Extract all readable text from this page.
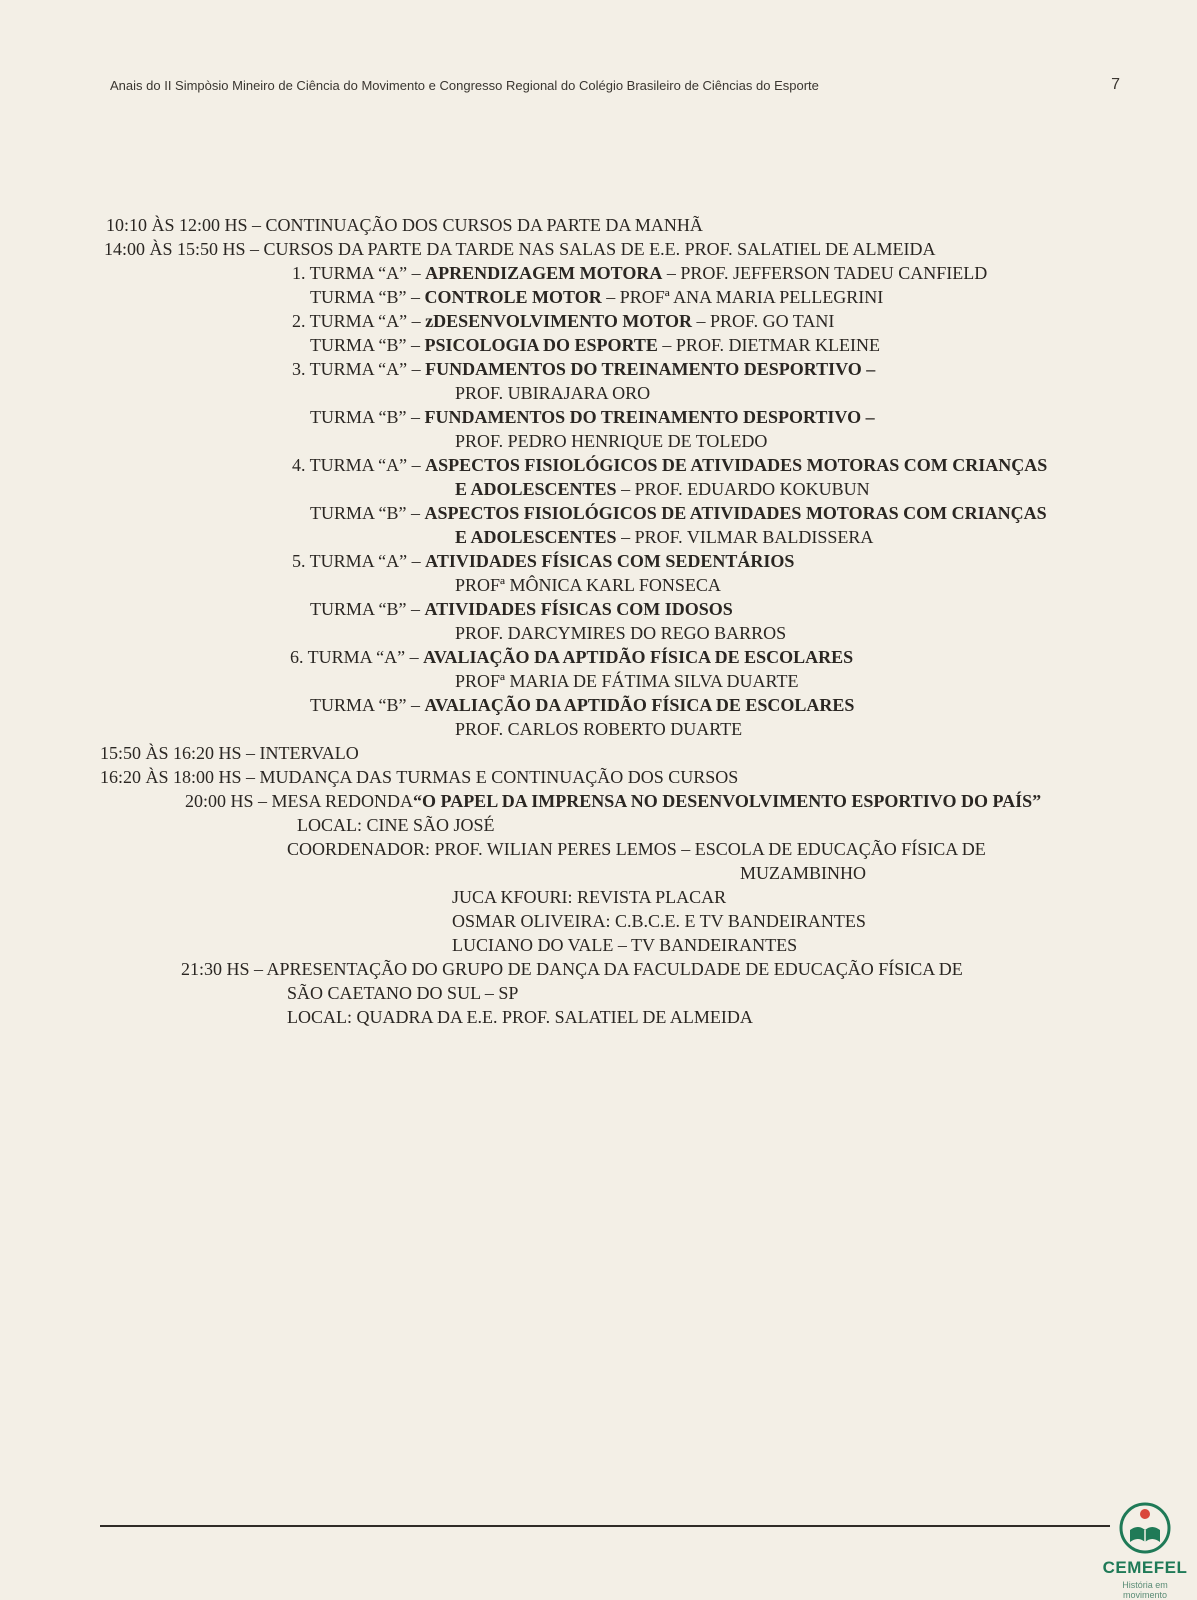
Anais do II Simpòsio Mineiro de Ciência do Movimento e Congresso Regional do Colégio Brasileiro de Ciências do Esporte	7
10:10 ÀS 12:00 HS – CONTINUAÇÃO DOS CURSOS DA PARTE DA MANHÃ
14:00 ÀS 15:50 HS – CURSOS DA PARTE DA TARDE NAS SALAS DE E.E. PROF. SALATIEL DE ALMEIDA
1. TURMA “A” – APRENDIZAGEM MOTORA – PROF. JEFFERSON TADEU CANFIELD
TURMA “B” – CONTROLE MOTOR – PROFª ANA MARIA PELLEGRINI
2. TURMA “A” – zDESENVOLVIMENTO MOTOR – PROF. GO TANI
TURMA “B” – PSICOLOGIA DO ESPORTE – PROF. DIETMAR KLEINE
3. TURMA “A” – FUNDAMENTOS DO TREINAMENTO DESPORTIVO –
PROF. UBIRAJARA ORO
TURMA “B” – FUNDAMENTOS DO TREINAMENTO DESPORTIVO –
PROF. PEDRO HENRIQUE DE TOLEDO
4. TURMA “A” – ASPECTOS FISIOLÓGICOS DE ATIVIDADES MOTORAS COM CRIANÇAS
E ADOLESCENTES – PROF. EDUARDO KOKUBUN
TURMA “B” – ASPECTOS FISIOLÓGICOS DE ATIVIDADES MOTORAS COM CRIANÇAS
E ADOLESCENTES – PROF. VILMAR BALDISSERA
5. TURMA “A” – ATIVIDADES FÍSICAS COM SEDENTÁRIOS
PROFª MÔNICA KARL FONSECA
TURMA “B” – ATIVIDADES FÍSICAS COM IDOSOS
PROF. DARCYMIRES DO REGO BARROS
6. TURMA “A” – AVALIAÇÃO DA APTIDÃO FÍSICA DE ESCOLARES
PROFª MARIA DE FÁTIMA SILVA DUARTE
TURMA “B” – AVALIAÇÃO DA APTIDÃO FÍSICA DE ESCOLARES
PROF. CARLOS ROBERTO DUARTE
15:50 ÀS 16:20 HS – INTERVALO
16:20 ÀS 18:00 HS – MUDANÇA DAS TURMAS E CONTINUAÇÃO DOS CURSOS
20:00 HS – MESA REDONDA“O PAPEL DA IMPRENSA NO DESENVOLVIMENTO ESPORTIVO DO PAÍS”
LOCAL: CINE SÃO JOSÉ
COORDENADOR: PROF. WILIAN PERES LEMOS – ESCOLA DE EDUCAÇÃO FÍSICA DE
MUZAMBINHO
JUCA KFOURI: REVISTA PLACAR
OSMAR OLIVEIRA: C.B.C.E. E TV BANDEIRANTES
LUCIANO DO VALE – TV BANDEIRANTES
21:30 HS – APRESENTAÇÃO DO GRUPO DE DANÇA DA FACULDADE DE EDUCAÇÃO FÍSICA DE
SÃO CAETANO DO SUL – SP
LOCAL: QUADRA DA E.E. PROF. SALATIEL DE ALMEIDA
CEMEFEL
História em movimento
